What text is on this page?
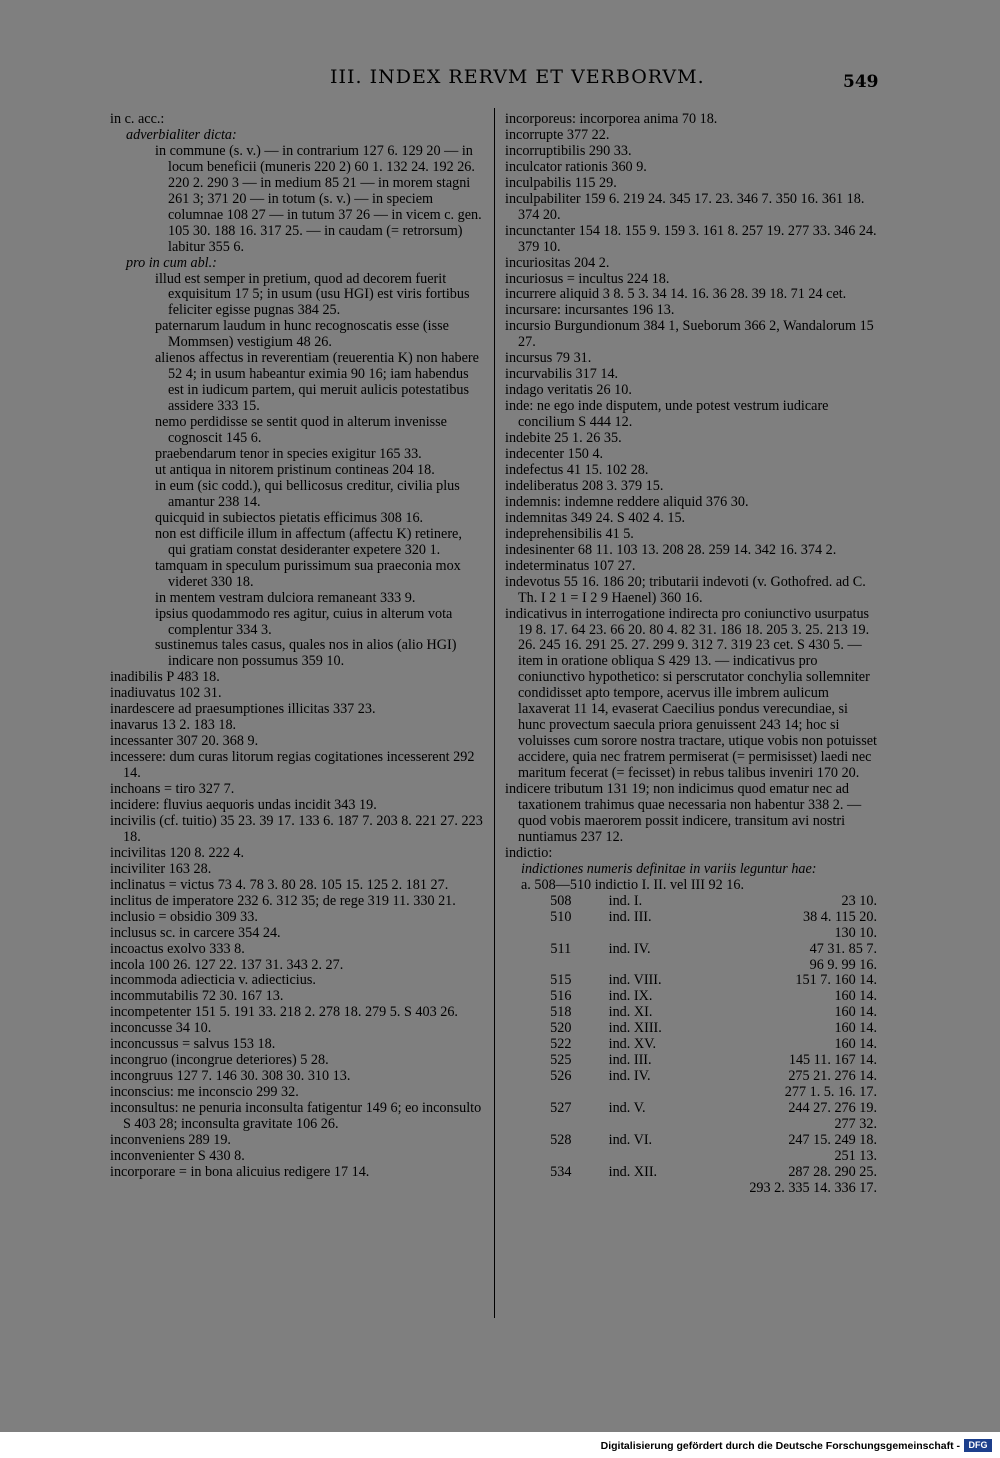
III. INDEX RERVM ET VERBORVM.	549

in c. acc.:

adverbialiter dicta:

in commune (s. v.) — in contrarium 127 6. 129 20 — in locum beneficii (muneris 220 2) 60 1. 132 24. 192 26. 220 2. 290 3 — in medium 85 21 — in morem stagni 261 3; 371 20 — in totum (s. v.) — in speciem columnae 108 27 — in tutum 37 26 — in vicem c. gen. 105 30. 188 16. 317 25. — in caudam (= retrorsum) labitur 355 6.

pro in cum abl.:

illud est semper in pretium, quod ad decorem fuerit exquisitum 17 5; in usum (usu HGI) est viris fortibus feliciter egisse pugnas 384 25.

paternarum laudum in hunc recognoscatis esse (isse Mommsen) vestigium 48 26.

alienos affectus in reverentiam (reuerentia K) non habere 52 4; in usum habeantur eximia 90 16; iam habendus est in iudicum partem, qui meruit aulicis potestatibus assidere 333 15.

nemo perdidisse se sentit quod in alterum invenisse cognoscit 145 6.

praebendarum tenor in species exigitur 165 33.

ut antiqua in nitorem pristinum contineas 204 18.

in eum (sic codd.), qui bellicosus creditur, civilia plus amantur 238 14.

quicquid in subiectos pietatis efficimus 308 16.

non est difficile illum in affectum (affectu K) retinere, qui gratiam constat desideranter expetere 320 1.

tamquam in speculum purissimum sua praeconia mox videret 330 18.

in mentem vestram dulciora remaneant 333 9.

ipsius quodammodo res agitur, cuius in alterum vota complentur 334 3.

sustinemus tales casus, quales nos in alios (alio HGI) indicare non possumus 359 10.

inadibilis P 483 18.

inadiuvatus 102 31.

inardescere ad praesumptiones illicitas 337 23.

inavarus 13 2. 183 18.

incessanter 307 20. 368 9.

incessere: dum curas litorum regias cogitationes incesserent 292 14.

inchoans = tiro 327 7.

incidere: fluvius aequoris undas incidit 343 19.

incivilis (cf. tuitio) 35 23. 39 17. 133 6. 187 7. 203 8. 221 27. 223 18.

incivilitas 120 8. 222 4.

inciviliter 163 28.

inclinatus = victus 73 4. 78 3. 80 28. 105 15. 125 2. 181 27.

inclitus de imperatore 232 6. 312 35; de rege 319 11. 330 21.

inclusio = obsidio 309 33.

inclusus sc. in carcere 354 24.

incoactus exolvo 333 8.

incola 100 26. 127 22. 137 31. 343 2. 27.

incommoda adiecticia v. adiecticius.

incommutabilis 72 30. 167 13.

incompetenter 151 5. 191 33. 218 2. 278 18. 279 5. S 403 26.

inconcusse 34 10.

inconcussus = salvus 153 18.

incongruo (incongrue deteriores) 5 28.

incongruus 127 7. 146 30. 308 30. 310 13.

inconscius: me inconscio 299 32.

inconsultus: ne penuria inconsulta fatigentur 149 6; eo inconsulto S 403 28; inconsulta gravitate 106 26.

inconveniens 289 19.

inconvenienter S 430 8.

incorporare = in bona alicuius redigere 17 14.

incorporeus: incorporea anima 70 18.

incorrupte 377 22.

incorruptibilis 290 33.

inculcator rationis 360 9.

inculpabilis 115 29.

inculpabiliter 159 6. 219 24. 345 17. 23. 346 7. 350 16. 361 18. 374 20.

incunctanter 154 18. 155 9. 159 3. 161 8. 257 19. 277 33. 346 24. 379 10.

incuriositas 204 2.

incuriosus = incultus 224 18.

incurrere aliquid 3 8. 5 3. 34 14. 16. 36 28. 39 18. 71 24 cet.

incursare: incursantes 196 13.

incursio Burgundionum 384 1, Sueborum 366 2, Wandalorum 15 27.

incursus 79 31.

incurvabilis 317 14.

indago veritatis 26 10.

inde: ne ego inde disputem, unde potest vestrum iudicare concilium S 444 12.

indebite 25 1. 26 35.

indecenter 150 4.

indefectus 41 15. 102 28.

indeliberatus 208 3. 379 15.

indemnis: indemne reddere aliquid 376 30.

indemnitas 349 24. S 402 4. 15.

indeprehensibilis 41 5.

indesinenter 68 11. 103 13. 208 28. 259 14. 342 16. 374 2.

indeterminatus 107 27.

indevotus 55 16. 186 20; tributarii indevoti (v. Gothofred. ad C. Th. I 2 1 = I 2 9 Haenel) 360 16.

indicativus in interrogatione indirecta pro coniunctivo usurpatus 19 8. 17. 64 23. 66 20. 80 4. 82 31. 186 18. 205 3. 25. 213 19. 26. 245 16. 291 25. 27. 299 9. 312 7. 319 23 cet. S 430 5. — item in oratione obliqua S 429 13. — indicativus pro coniunctivo hypothetico: si perscrutator conchylia sollemniter condidisset apto tempore, acervus ille imbrem aulicum laxaverat 11 14, evaserat Caecilius pondus verecundiae, si hunc provectum saecula priora genuissent 243 14; hoc si voluisses cum sorore nostra tractare, utique vobis non potuisset accidere, quia nec fratrem permiserat (= permisisset) laedi nec maritum fecerat (= fecisset) in rebus talibus inveniri 170 20.

indicere tributum 131 19; non indicimus quod ematur nec ad taxationem trahimus quae necessaria non habentur 338 2. — quod vobis maerorem possit indicere, transitum avi nostri nuntiamus 237 12.

indictio:

indictiones numeris definitae in variis leguntur hae:

a. 508—510 indictio I. II. vel III 92 16.

508	ind. I.	23 10.

510	ind. III.	38 4. 115 20.
130 10.

511	ind. IV.	47 31. 85 7.
96 9. 99 16.

515	ind. VIII.	151 7. 160 14.

516	ind. IX.	160 14.

518	ind. XI.	160 14.

520	ind. XIII.	160 14.

522	ind. XV.	160 14.

525	ind. III.	145 11. 167 14.

526	ind. IV.	275 21. 276 14.
277 1. 5. 16. 17.

527	ind. V.	244 27. 276 19.
277 32.

528	ind. VI.	247 15. 249 18.
251 13.

534	ind. XII.	287 28. 290 25.
293 2. 335 14. 336 17.
Digitalisierung gefördert durch die Deutsche Forschungsgemeinschaft - DFG
